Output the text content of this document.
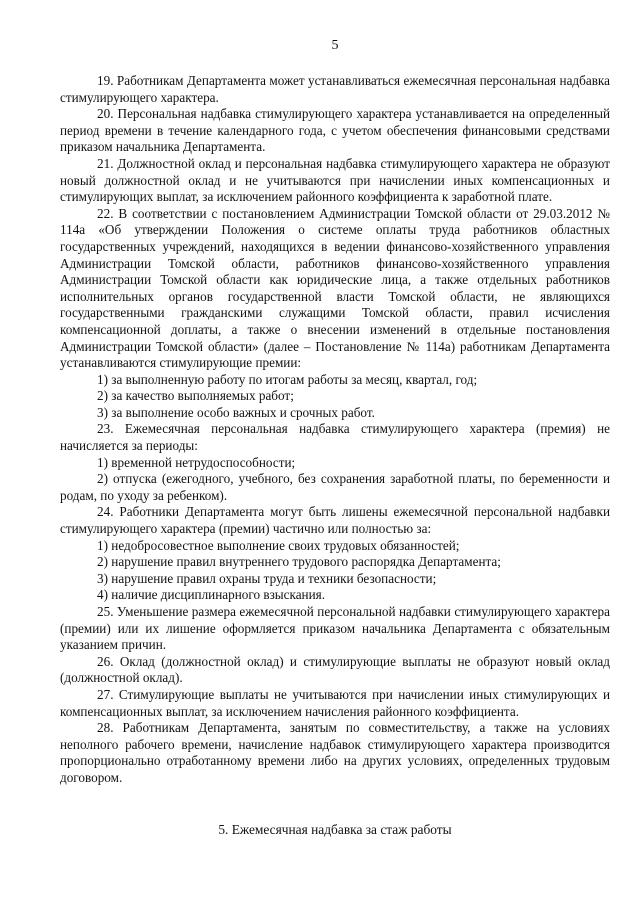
5

19. Работникам Департамента может устанавливаться ежемесячная персональная надбавка стимулирующего характера.

20. Персональная надбавка стимулирующего характера устанавливается на определенный период времени в течение календарного года, с учетом обеспечения финансовыми средствами приказом начальника Департамента.

21. Должностной оклад и персональная надбавка стимулирующего характера не образуют новый должностной оклад и не учитываются при начислении иных компенсационных и стимулирующих выплат, за исключением районного коэффициента к заработной плате.

22. В соответствии с постановлением Администрации Томской области от 29.03.2012 № 114а «Об утверждении Положения о системе оплаты труда работников областных государственных учреждений, находящихся в ведении финансово-хозяйственного управления Администрации Томской области, работников финансово-хозяйственного управления Администрации Томской области как юридические лица, а также отдельных работников исполнительных органов государственной власти Томской области, не являющихся государственными гражданскими служащими Томской области, правил исчисления компенсационной доплаты, а также о внесении изменений в отдельные постановления Администрации Томской области» (далее – Постановление № 114а) работникам Департамента устанавливаются стимулирующие премии:

1) за выполненную работу по итогам работы за месяц, квартал, год;

2) за качество выполняемых работ;

3) за выполнение особо важных и срочных работ.

23. Ежемесячная персональная надбавка стимулирующего характера (премия) не начисляется за периоды:

1) временной нетрудоспособности;

2) отпуска (ежегодного, учебного, без сохранения заработной платы, по беременности и родам, по уходу за ребенком).

24. Работники Департамента могут быть лишены ежемесячной персональной надбавки стимулирующего характера (премии) частично или полностью за:

1) недобросовестное выполнение своих трудовых обязанностей;

2) нарушение правил внутреннего трудового распорядка Департамента;

3) нарушение правил охраны труда и техники безопасности;

4) наличие дисциплинарного взыскания.

25. Уменьшение размера ежемесячной персональной надбавки стимулирующего характера (премии) или их лишение оформляется приказом начальника Департамента с обязательным указанием причин.

26. Оклад (должностной оклад) и стимулирующие выплаты не образуют новый оклад (должностной оклад).

27. Стимулирующие выплаты не учитываются при начислении иных стимулирующих и компенсационных выплат, за исключением начисления районного коэффициента.

28. Работникам Департамента, занятым по совместительству, а также на условиях неполного рабочего времени, начисление надбавок стимулирующего характера производится пропорционально отработанному времени либо на других условиях, определенных трудовым договором.

5. Ежемесячная надбавка за стаж работы
